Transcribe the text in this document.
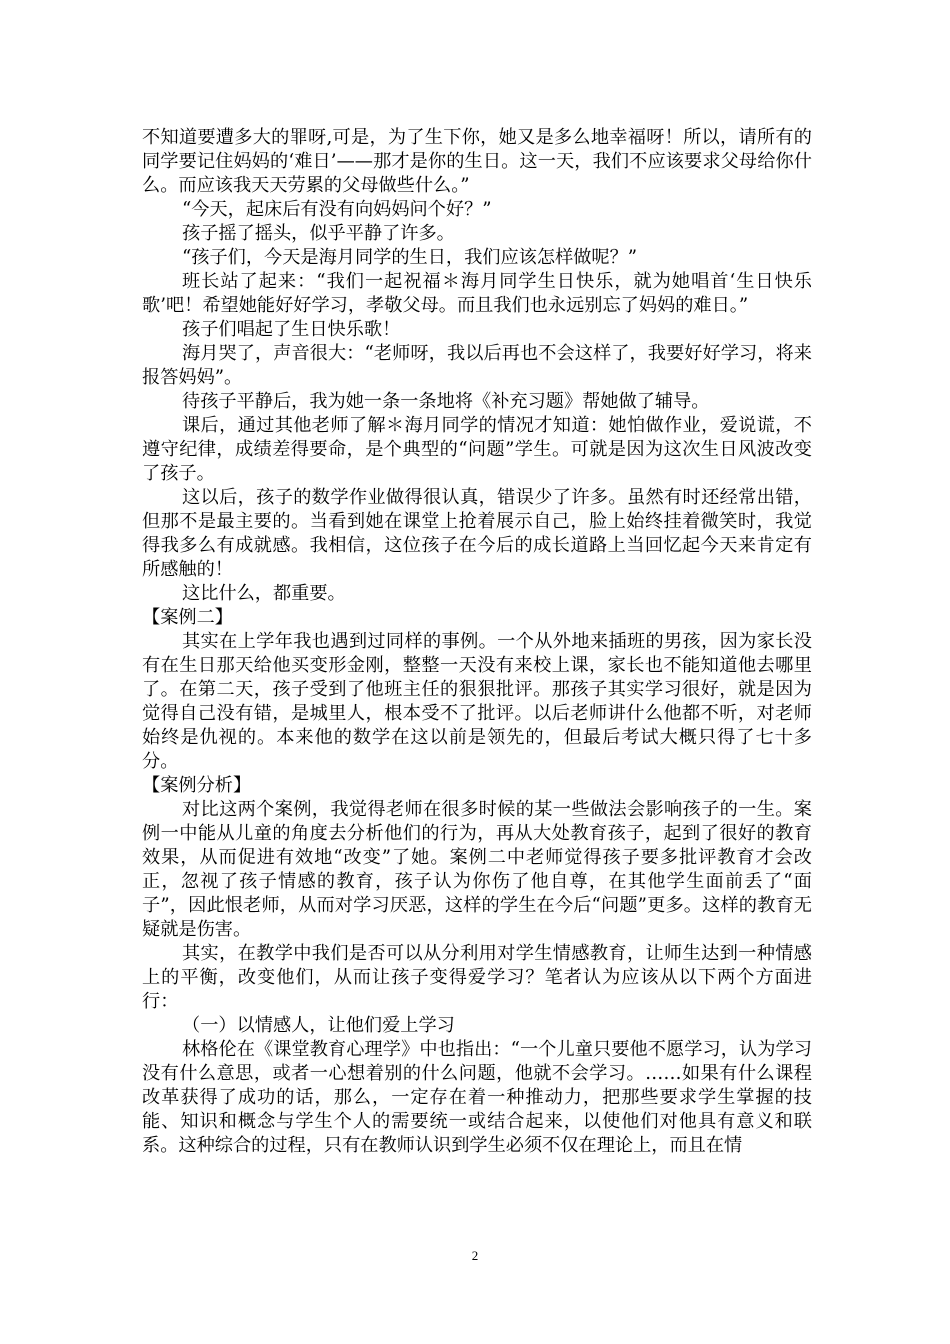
不知道要遭多大的罪呀,可是，为了生下你，她又是多么地幸福呀！所以，请所有的同学要记住妈妈的‘难日’——那才是你的生日。这一天，我们不应该要求父母给你什么。而应该我天天劳累的父母做些什么。”

“今天，起床后有没有向妈妈问个好？”

孩子摇了摇头，似乎平静了许多。

“孩子们，今天是海月同学的生日，我们应该怎样做呢？”

班长站了起来：“我们一起祝福＊海月同学生日快乐，就为她唱首‘生日快乐歌’吧！希望她能好好学习，孝敬父母。而且我们也永远别忘了妈妈的难日。”

孩子们唱起了生日快乐歌！

海月哭了，声音很大：“老师呀，我以后再也不会这样了，我要好好学习，将来报答妈妈”。

待孩子平静后，我为她一条一条地将《补充习题》帮她做了辅导。

课后，通过其他老师了解＊海月同学的情况才知道：她怕做作业，爱说谎，不遵守纪律，成绩差得要命，是个典型的“问题”学生。可就是因为这次生日风波改变了孩子。

这以后，孩子的数学作业做得很认真，错误少了许多。虽然有时还经常出错，但那不是最主要的。当看到她在课堂上抢着展示自己，脸上始终挂着微笑时，我觉得我多么有成就感。我相信，这位孩子在今后的成长道路上当回忆起今天来肯定有所感触的！

这比什么，都重要。

【案例二】

其实在上学年我也遇到过同样的事例。一个从外地来插班的男孩，因为家长没有在生日那天给他买变形金刚，整整一天没有来校上课，家长也不能知道他去哪里了。在第二天，孩子受到了他班主任的狠狠批评。那孩子其实学习很好，就是因为觉得自己没有错，是城里人，根本受不了批评。以后老师讲什么他都不听，对老师始终是仇视的。本来他的数学在这以前是领先的，但最后考试大概只得了七十多分。

【案例分析】

对比这两个案例，我觉得老师在很多时候的某一些做法会影响孩子的一生。案例一中能从儿童的角度去分析他们的行为，再从大处教育孩子，起到了很好的教育效果，从而促进有效地“改变”了她。案例二中老师觉得孩子要多批评教育才会改正，忽视了孩子情感的教育，孩子认为你伤了他自尊，在其他学生面前丢了“面子”，因此恨老师，从而对学习厌恶，这样的学生在今后“问题”更多。这样的教育无疑就是伤害。

其实，在教学中我们是否可以从分利用对学生情感教育，让师生达到一种情感上的平衡，改变他们，从而让孩子变得爱学习？笔者认为应该从以下两个方面进行：

（一）以情感人，让他们爱上学习

林格伦在《课堂教育心理学》中也指出：“一个儿童只要他不愿学习，认为学习没有什么意思，或者一心想着别的什么问题，他就不会学习。……如果有什么课程改革获得了成功的话，那么，一定存在着一种推动力，把那些要求学生掌握的技能、知识和概念与学生个人的需要统一或结合起来，以使他们对他具有意义和联系。这种综合的过程，只有在教师认识到学生必须不仅在理论上，而且在情

2
